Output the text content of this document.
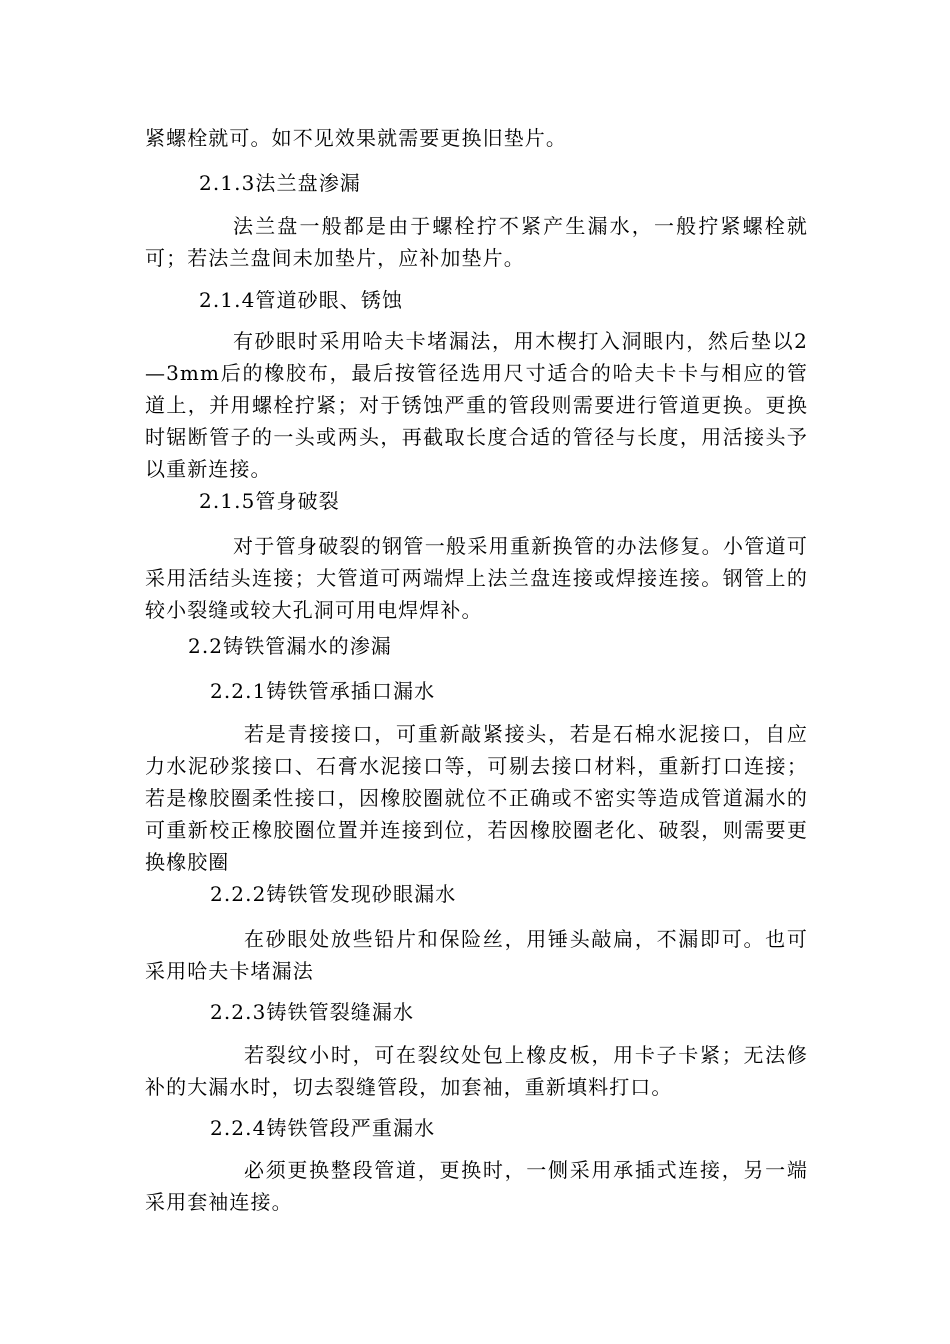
紧螺栓就可。如不见效果就需要更换旧垫片。

2.1.3法兰盘渗漏

法兰盘一般都是由于螺栓拧不紧产生漏水，一般拧紧螺栓就可；若法兰盘间未加垫片，应补加垫片。

2.1.4管道砂眼、锈蚀

有砂眼时采用哈夫卡堵漏法，用木楔打入洞眼内，然后垫以2—3mm后的橡胶布，最后按管径选用尺寸适合的哈夫卡卡与相应的管道上，并用螺栓拧紧；对于锈蚀严重的管段则需要进行管道更换。更换时锯断管子的一头或两头，再截取长度合适的管径与长度，用活接头予以重新连接。

2.1.5管身破裂

对于管身破裂的钢管一般采用重新换管的办法修复。小管道可采用活结头连接；大管道可两端焊上法兰盘连接或焊接连接。钢管上的较小裂缝或较大孔洞可用电焊焊补。

2.2铸铁管漏水的渗漏

2.2.1铸铁管承插口漏水

若是青接接口，可重新敲紧接头，若是石棉水泥接口，自应力水泥砂浆接口、石膏水泥接口等，可剔去接口材料，重新打口连接；若是橡胶圈柔性接口，因橡胶圈就位不正确或不密实等造成管道漏水的可重新校正橡胶圈位置并连接到位，若因橡胶圈老化、破裂，则需要更换橡胶圈

2.2.2铸铁管发现砂眼漏水

在砂眼处放些铅片和保险丝，用锤头敲扁，不漏即可。也可采用哈夫卡堵漏法

2.2.3铸铁管裂缝漏水

若裂纹小时，可在裂纹处包上橡皮板，用卡子卡紧；无法修补的大漏水时，切去裂缝管段，加套袖，重新填料打口。

2.2.4铸铁管段严重漏水

必须更换整段管道，更换时，一侧采用承插式连接，另一端采用套袖连接。
